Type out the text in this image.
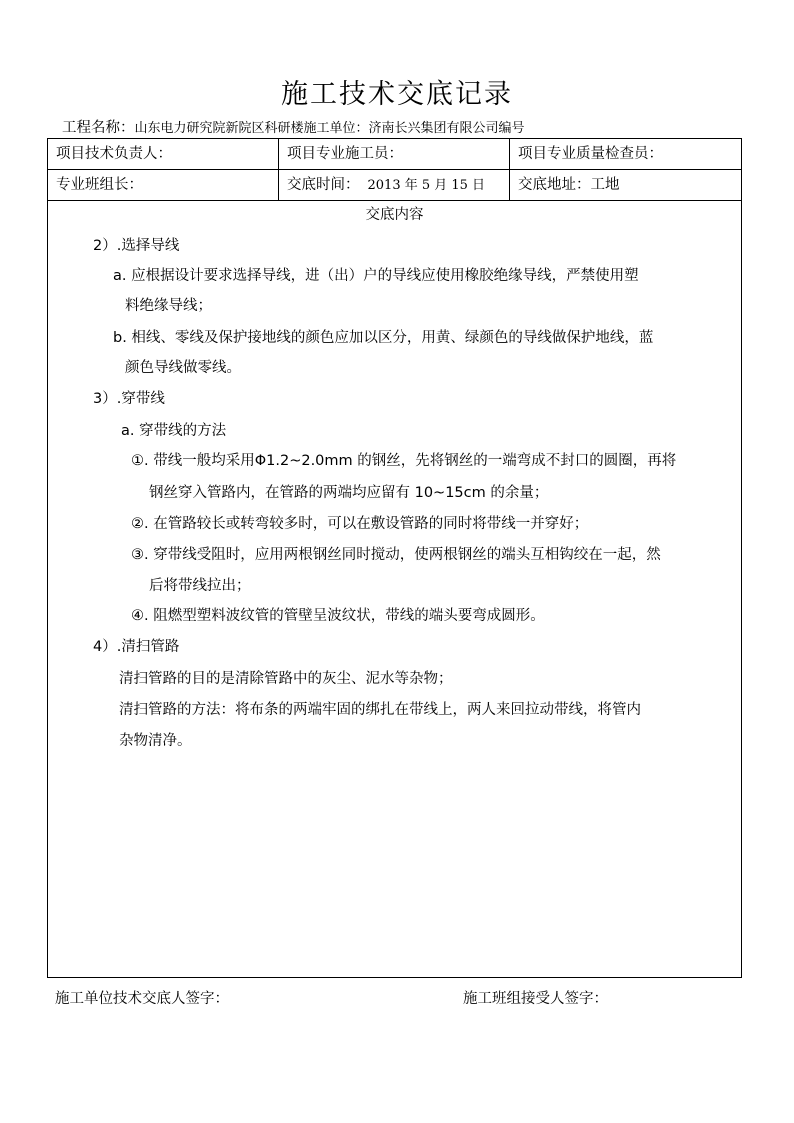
施工技术交底记录
工程名称：山东电力研究院新院区科研楼施工单位：济南长兴集团有限公司编号
项目技术负责人：	项目专业施工员：	项目专业质量检查员：
专业班组长：	交底时间： 2013 年 5 月 15 日	交底地址：工地
交底内容
2）.选择导线
a. 应根据设计要求选择导线，进（出）户的导线应使用橡胶绝缘导线，严禁使用塑
料绝缘导线；
b. 相线、零线及保护接地线的颜色应加以区分，用黄、绿颜色的导线做保护地线，蓝
颜色导线做零线。
3）.穿带线
a. 穿带线的方法
①. 带线一般均采用Φ1.2~2.0mm 的钢丝，先将钢丝的一端弯成不封口的圆圈，再将
钢丝穿入管路内，在管路的两端均应留有 10~15cm 的余量；
②. 在管路较长或转弯较多时，可以在敷设管路的同时将带线一并穿好；
③. 穿带线受阻时，应用两根钢丝同时搅动，使两根钢丝的端头互相钩绞在一起，然
后将带线拉出；
④. 阻燃型塑料波纹管的管壁呈波纹状，带线的端头要弯成圆形。
4）.清扫管路
清扫管路的目的是清除管路中的灰尘、泥水等杂物；
清扫管路的方法：将布条的两端牢固的绑扎在带线上，两人来回拉动带线，将管内
杂物清净。
施工单位技术交底人签字：	施工班组接受人签字：
